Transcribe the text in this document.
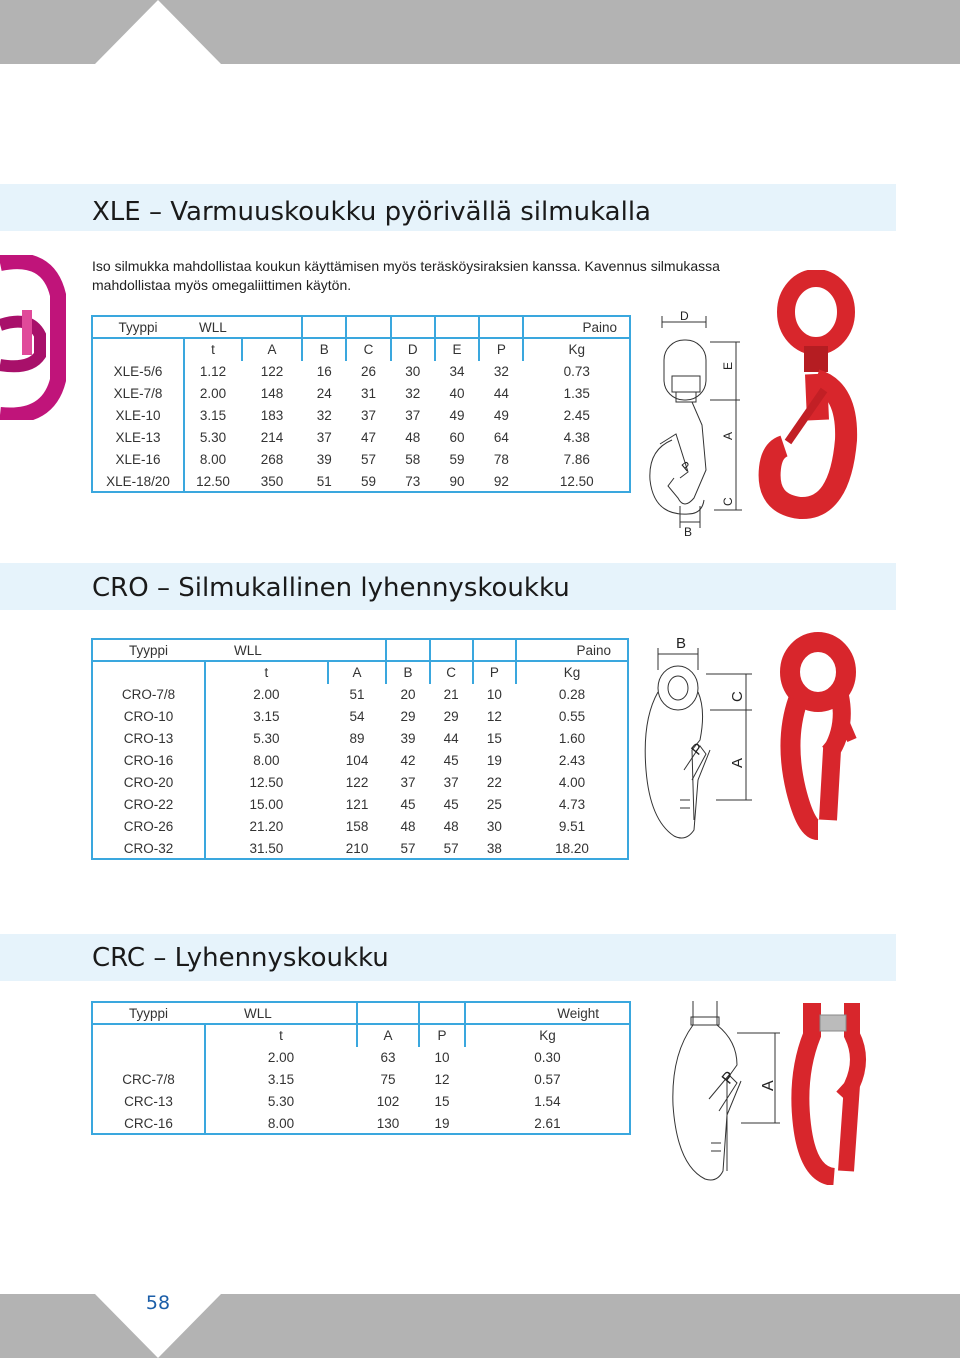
58
XLE – Varmuuskoukku pyörivällä silmukalla

Iso silmukka mahdollistaa koukun käyttämisen myös teräsköysiraksien kanssa. Kavennus silmukassa mahdollistaa myös omegaliittimen käytön.

Tyyppi	WLL							Paino
	t	A	B	C	D	E	P	Kg
XLE-5/6	1.12	122	16	26	30	34	32	0.73
XLE-7/8	2.00	148	24	31	32	40	44	1.35
XLE-10	3.15	183	32	37	37	49	49	2.45
XLE-13	5.30	214	37	47	48	60	64	4.38
XLE-16	8.00	268	39	57	58	59	78	7.86
XLE-18/20	12.50	350	51	59	73	90	92	12.50
D
E
A
P
C
B
CRO – Silmukallinen lyhennyskoukku
Tyyppi	WLL					Paino
	t	A	B	C	P	Kg
CRO-7/8	2.00	51	20	21	10	0.28
CRO-10	3.15	54	29	29	12	0.55
CRO-13	5.30	89	39	44	15	1.60
CRO-16	8.00	104	42	45	19	2.43
CRO-20	12.50	122	37	37	22	4.00
CRO-22	15.00	121	45	45	25	4.73
CRO-26	21.20	158	48	48	30	9.51
CRO-32	31.50	210	57	57	38	18.20
B
C
A
P
CRC – Lyhennyskoukku
Tyyppi	WLL			Weight
	t	A	P	Kg
	2.00	63	10	0.30
CRC-7/8	3.15	75	12	0.57
CRC-13	5.30	102	15	1.54
CRC-16	8.00	130	19	2.61
A
P
